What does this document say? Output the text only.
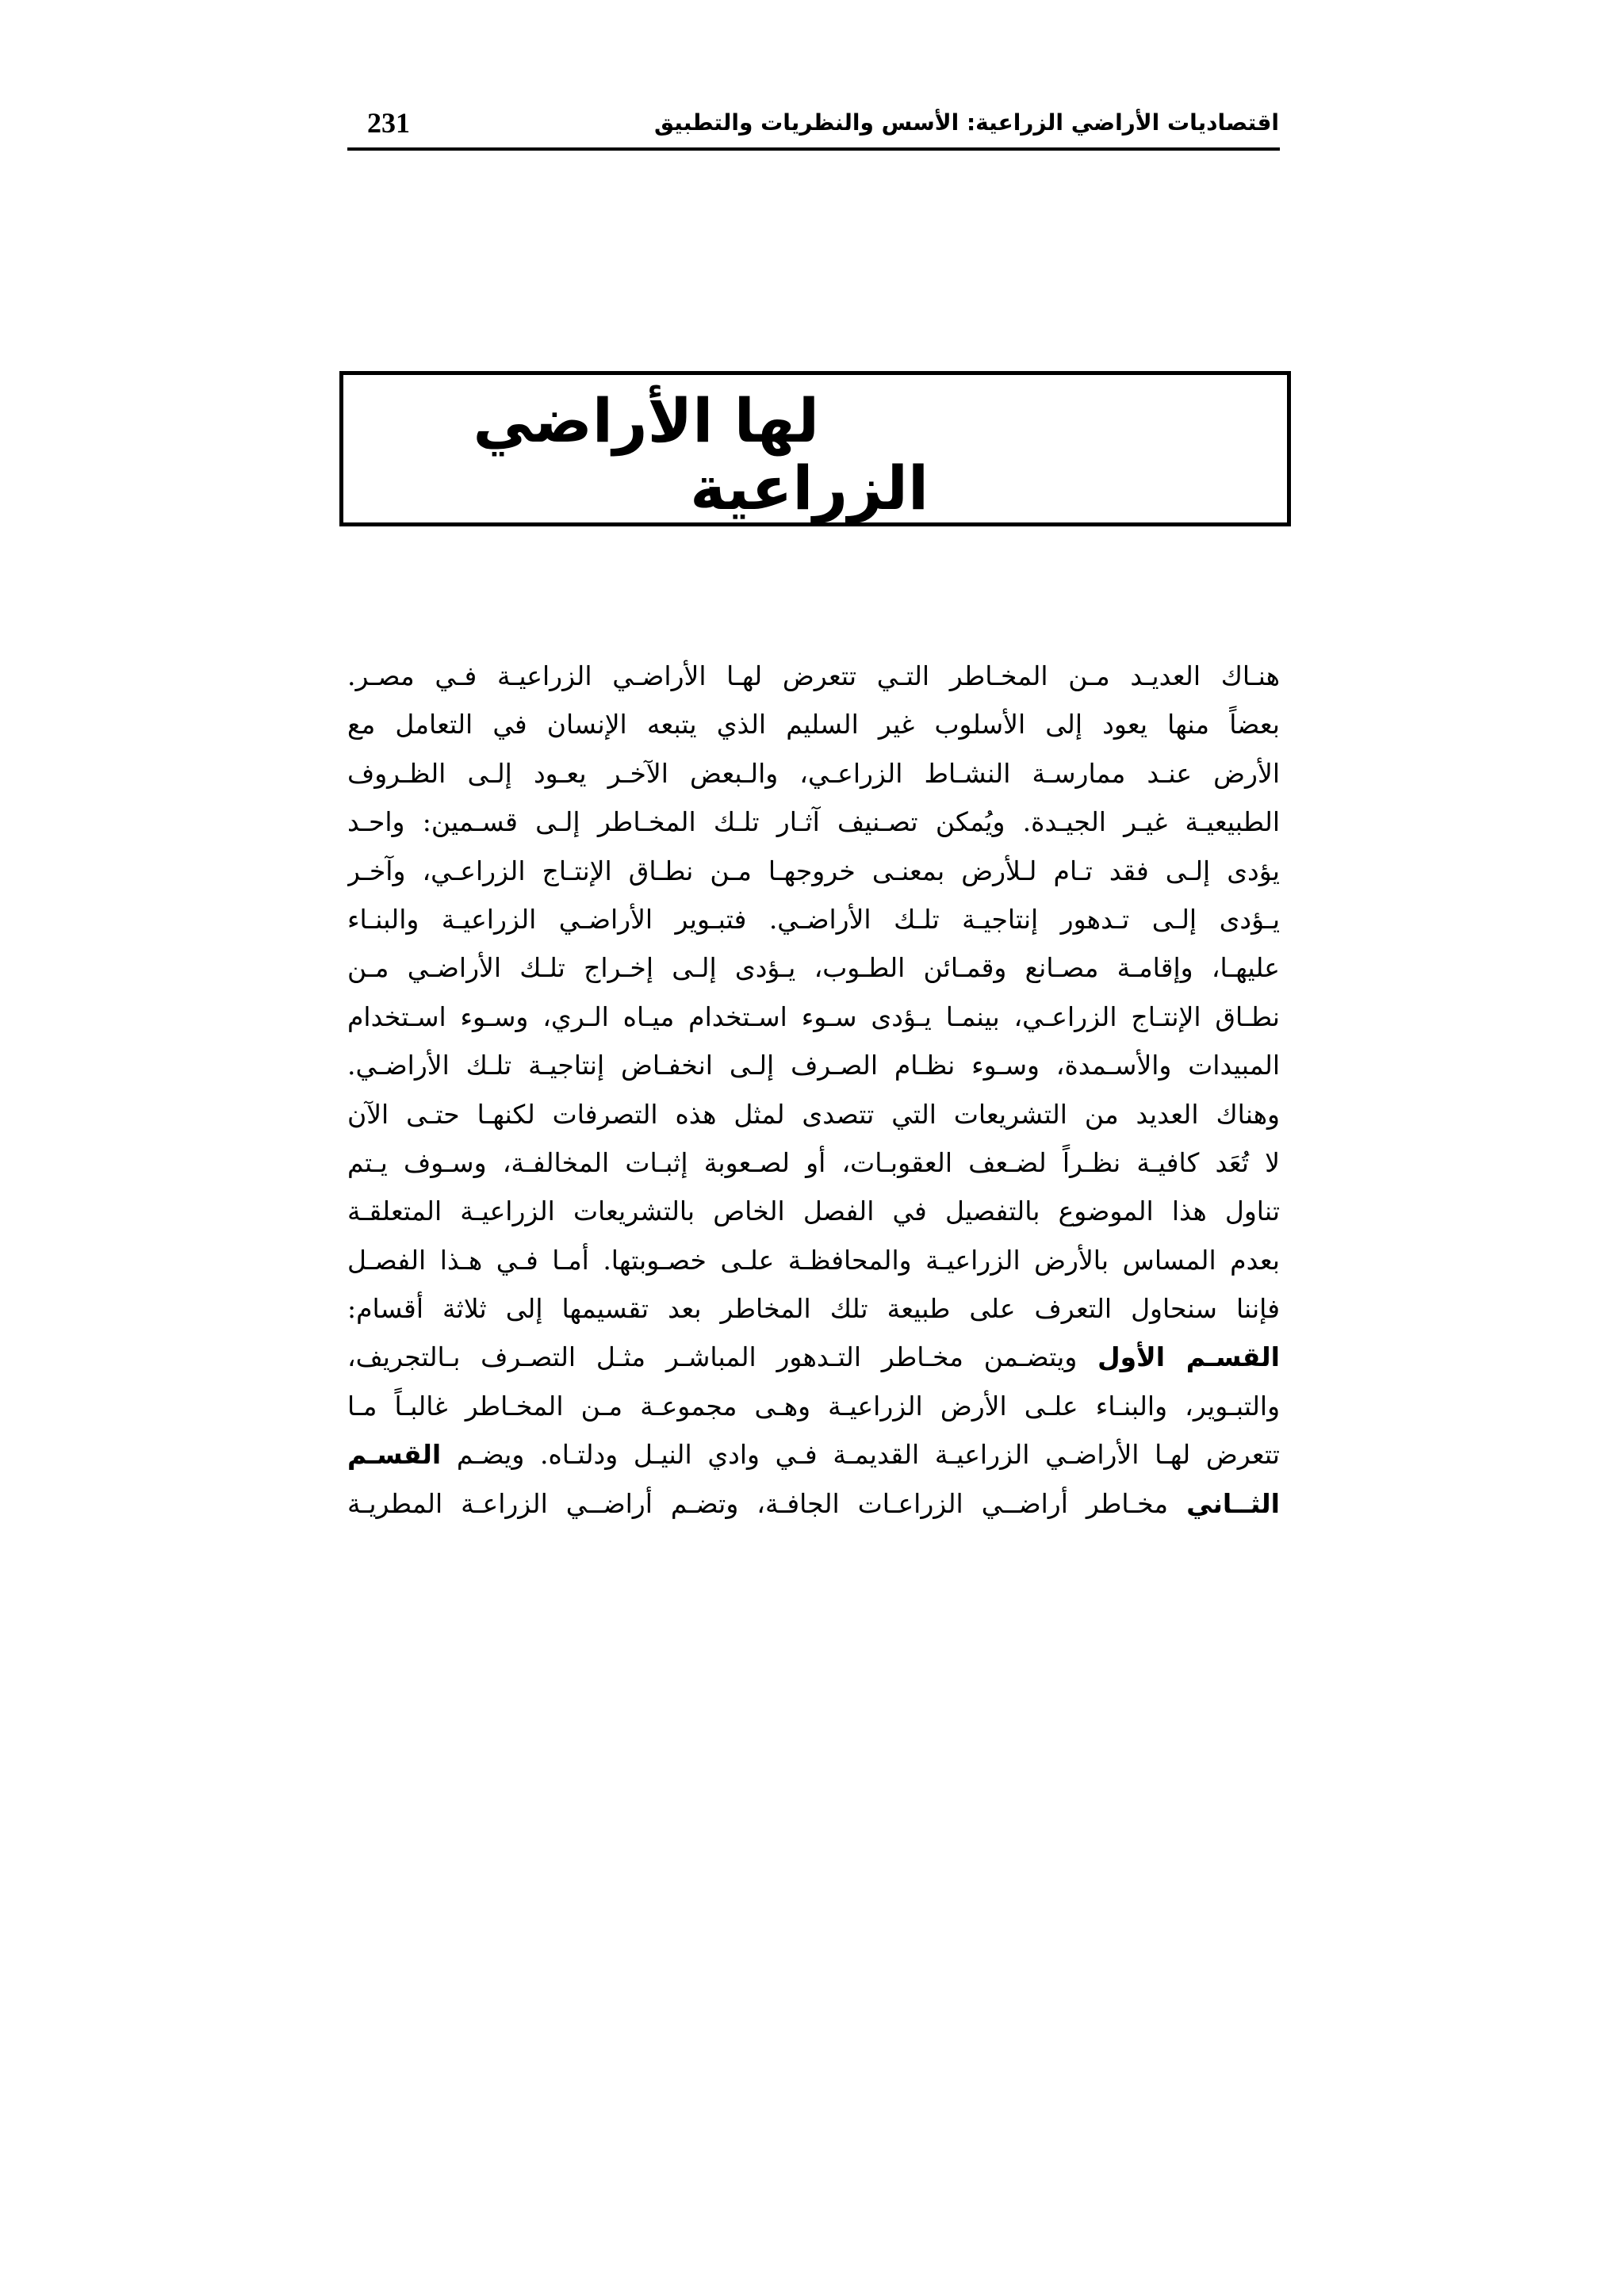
اقتصاديات الأراضي الزراعية: الأسس والنظريات والتطبيق
231
لها الأراضي
الزراعية
هنـاك العديـد مـن المخـاطر التـي تتعرض لهـا الأراضـي الزراعيـة فـي مصـر.
بعضاً منها يعود إلى الأسلوب غير السليم الذي يتبعه الإنسان في التعامل مع
الأرض عنـد ممارسـة النشـاط الزراعـي، والـبعض الآخـر يعـود إلـى الظـروف
الطبيعيـة غيـر الجيـدة. ويُمكن تصـنيف آثـار تلـك المخـاطر إلـى قسـمين: واحـد
يؤدى إلـى فقد تـام لـلأرض بمعنـى خروجهـا مـن نطـاق الإنتـاج الزراعـي، وآخـر
يـؤدى إلـى تـدهور إنتاجيـة تلـك الأراضـي. فتبـوير الأراضـي الزراعيـة والبنـاء
عليهـا، وإقامـة مصـانع وقمـائن الطـوب، يـؤدى إلـى إخـراج تلـك الأراضـي مـن
نطـاق الإنتـاج الزراعـي، بينمـا يـؤدى سـوء اسـتخدام ميـاه الـري، وسـوء اسـتخدام
المبيدات والأسـمدة، وسـوء نظـام الصـرف إلـى انخفـاض إنتاجيـة تلـك الأراضـي.
وهناك العديد من التشريعات التي تتصدى لمثل هذه التصرفات لكنهـا حتـى الآن
لا تُعَد كافيـة نظـراً لضـعف العقوبـات، أو لصـعوبة إثبـات المخالفـة، وسـوف يـتم
تناول هذا الموضوع بالتفصيل في الفصل الخاص بالتشريعات الزراعيـة المتعلقـة
بعدم المساس بالأرض الزراعيـة والمحافظـة علـى خصـوبتها. أمـا فـي هـذا الفصـل
فإننا سنحاول التعرف على طبيعة تلك المخاطر بعد تقسيمها إلى ثلاثة أقسام:
القسـم الأول ويتضـمن مخـاطر التـدهور المباشـر مثـل التصـرف بـالتجريف،
والتبـوير، والبنـاء علـى الأرض الزراعيـة وهـى مجموعـة مـن المخـاطر غالبـاً مـا
تتعرض لهـا الأراضـي الزراعيـة القديمـة فـي وادي النيـل ودلتـاه. ويضـم القسـم
الثــاني مخـاطر أراضــي الزراعـات الجافـة، وتضـم أراضــي الزراعـة المطريـة
